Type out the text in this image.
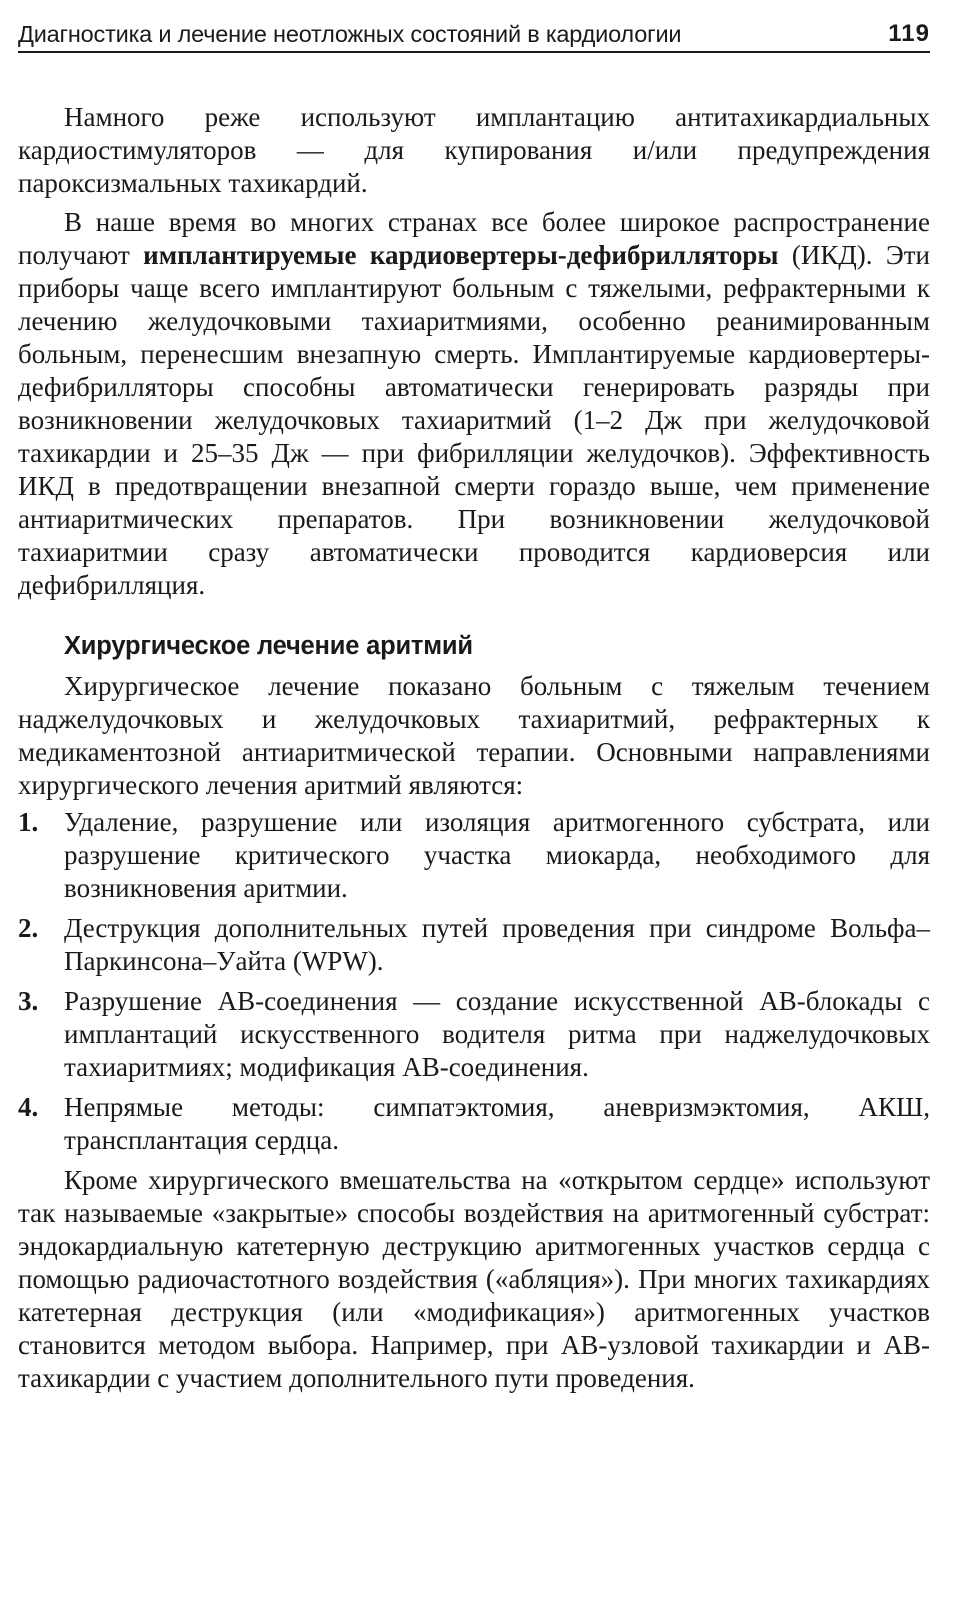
Диагностика и лечение неотложных состояний в кардиологии	119

Намного реже используют имплантацию антитахикардиальных кардиостимуляторов — для купирования и/или предупреждения пароксизмальных тахикардий.

В наше время во многих странах все более широкое распространение получают имплантируемые кардиовертеры-дефибрилляторы (ИКД). Эти приборы чаще всего имплантируют больным с тяжелыми, рефрактерными к лечению желудочковыми тахиаритмиями, особенно реанимированным больным, перенесшим внезапную смерть. Имплантируемые кардиовертеры-дефибрилляторы способны автоматически генерировать разряды при возникновении желудочковых тахиаритмий (1–2 Дж при желудочковой тахикардии и 25–35 Дж — при фибрилляции желудочков). Эффективность ИКД в предотвращении внезапной смерти гораздо выше, чем применение антиаритмических препаратов. При возникновении желудочковой тахиаритмии сразу автоматически проводится кардиоверсия или дефибрилляция.

Хирургическое лечение аритмий

Хирургическое лечение показано больным с тяжелым течением наджелудочковых и желудочковых тахиаритмий, рефрактерных к медикаментозной антиаритмической терапии. Основными направлениями хирургического лечения аритмий являются:

1. Удаление, разрушение или изоляция аритмогенного субстрата, или разрушение критического участка миокарда, необходимого для возникновения аритмии.
2. Деструкция дополнительных путей проведения при синдроме Вольфа–Паркинсона–Уайта (WPW).
3. Разрушение АВ-соединения — создание искусственной АВ-блокады с имплантаций искусственного водителя ритма при наджелудочковых тахиаритмиях; модификация АВ-соединения.
4. Непрямые методы: симпатэктомия, аневризмэктомия, АКШ, трансплантация сердца.

Кроме хирургического вмешательства на «открытом сердце» используют так называемые «закрытые» способы воздействия на аритмогенный субстрат: эндокардиальную катетерную деструкцию аритмогенных участков сердца с помощью радиочастотного воздействия («абляция»). При многих тахикардиях катетерная деструкция (или «модификация») аритмогенных участков становится методом выбора. Например, при АВ-узловой тахикардии и АВ-тахикардии с участием дополнительного пути проведения.
